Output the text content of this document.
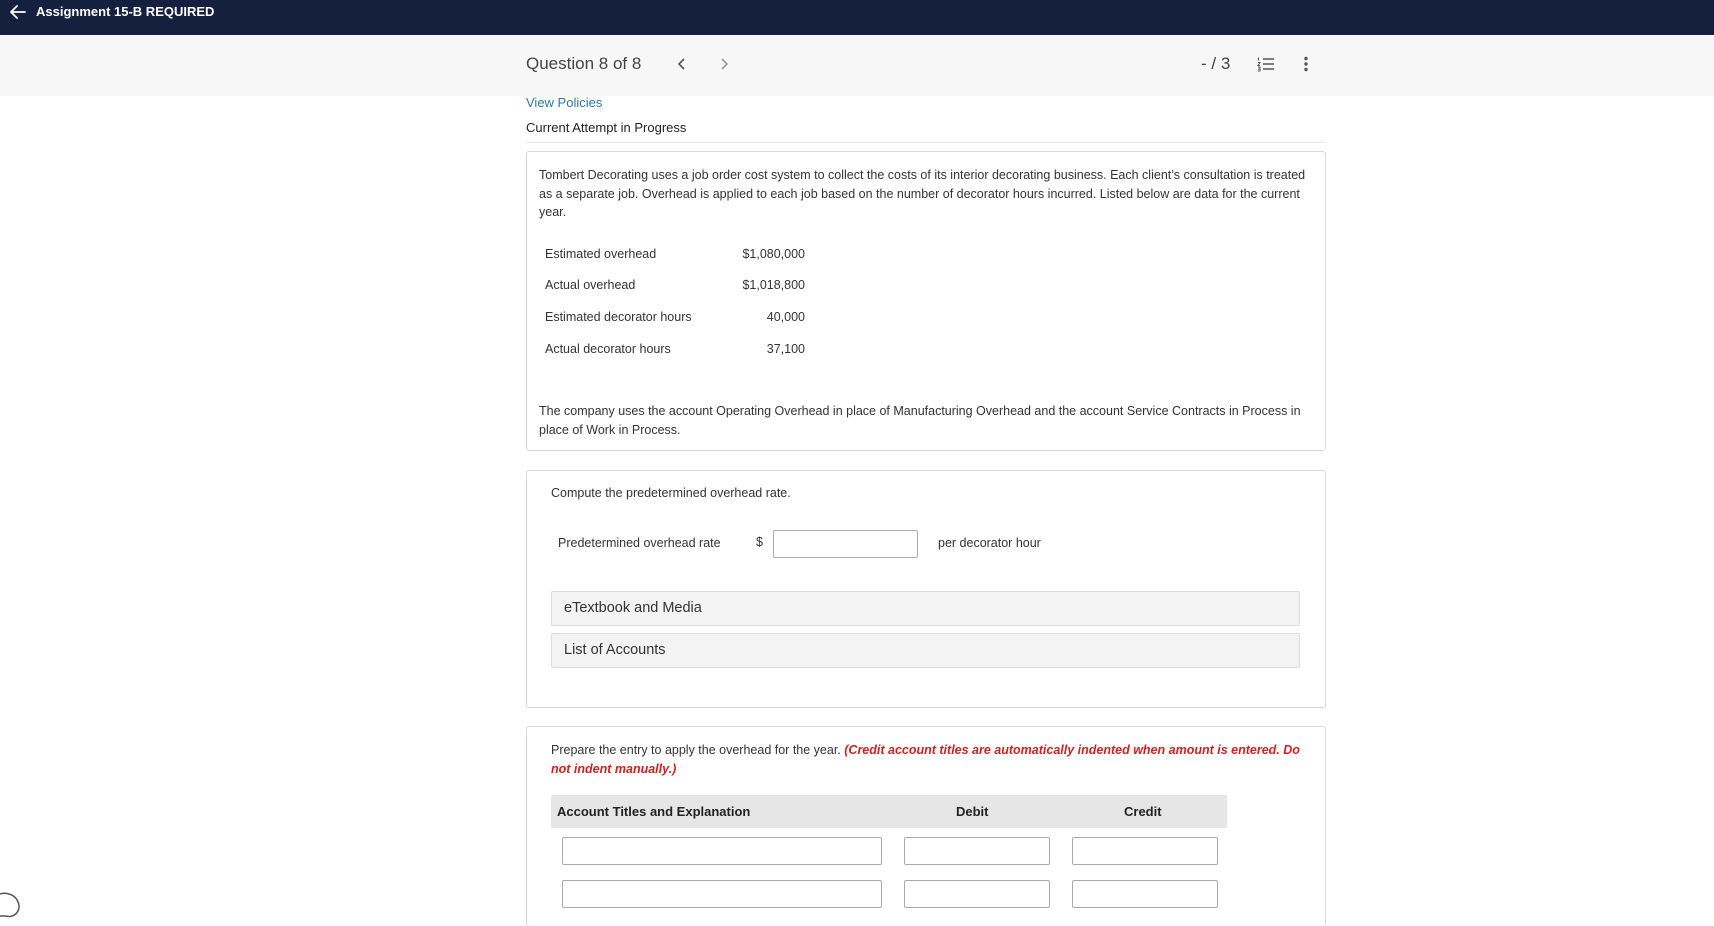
Assignment 15-B REQUIRED
Question 8 of 8	- / 3
View Policies
Current Attempt in Progress

Tombert Decorating uses a job order cost system to collect the costs of its interior decorating business. Each client’s consultation is treated as a separate job. Overhead is applied to each job based on the number of decorator hours incurred. Listed below are data for the current year.

Estimated overhead	$1,080,000
Actual overhead	$1,018,800
Estimated decorator hours	40,000
Actual decorator hours	37,100

The company uses the account Operating Overhead in place of Manufacturing Overhead and the account Service Contracts in Process in place of Work in Process.

Compute the predetermined overhead rate.
Predetermined overhead rate	$	per decorator hour
eTextbook and Media
List of Accounts

Prepare the entry to apply the overhead for the year. (Credit account titles are automatically indented when amount is entered. Do not indent manually.)

Account Titles and Explanation	Debit	Credit
